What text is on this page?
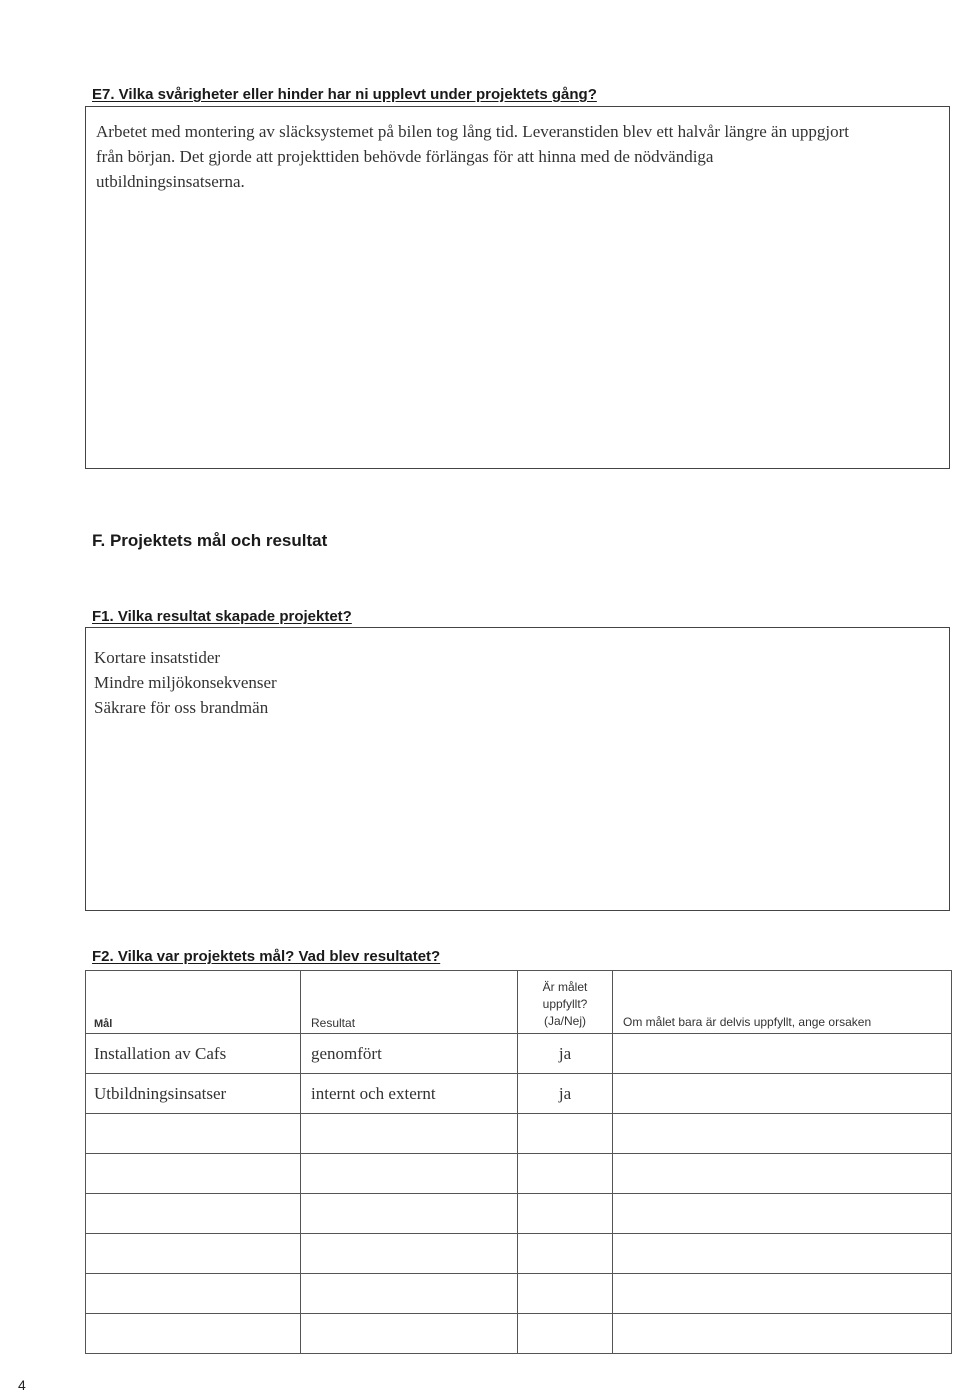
E7. Vilka svårigheter eller hinder har ni upplevt under projektets gång?
Arbetet med montering av släcksystemet på bilen tog lång tid. Leveranstiden blev ett halvår längre än uppgjort från början. Det gjorde att projekttiden behövde förlängas för att hinna med de nödvändiga utbildningsinsatserna.
F. Projektets mål och resultat
F1. Vilka resultat skapade projektet?
Kortare insatstider
Mindre miljökonsekvenser
Säkrare för oss brandmän
F2. Vilka var projektets mål? Vad blev resultatet?
Mål	Resultat	Är målet uppfyllt? (Ja/Nej)	Om målet bara är delvis uppfyllt, ange orsaken
Installation av Cafs	genomfört	ja	
Utbildningsinsatser	internt och externt	ja	

4
